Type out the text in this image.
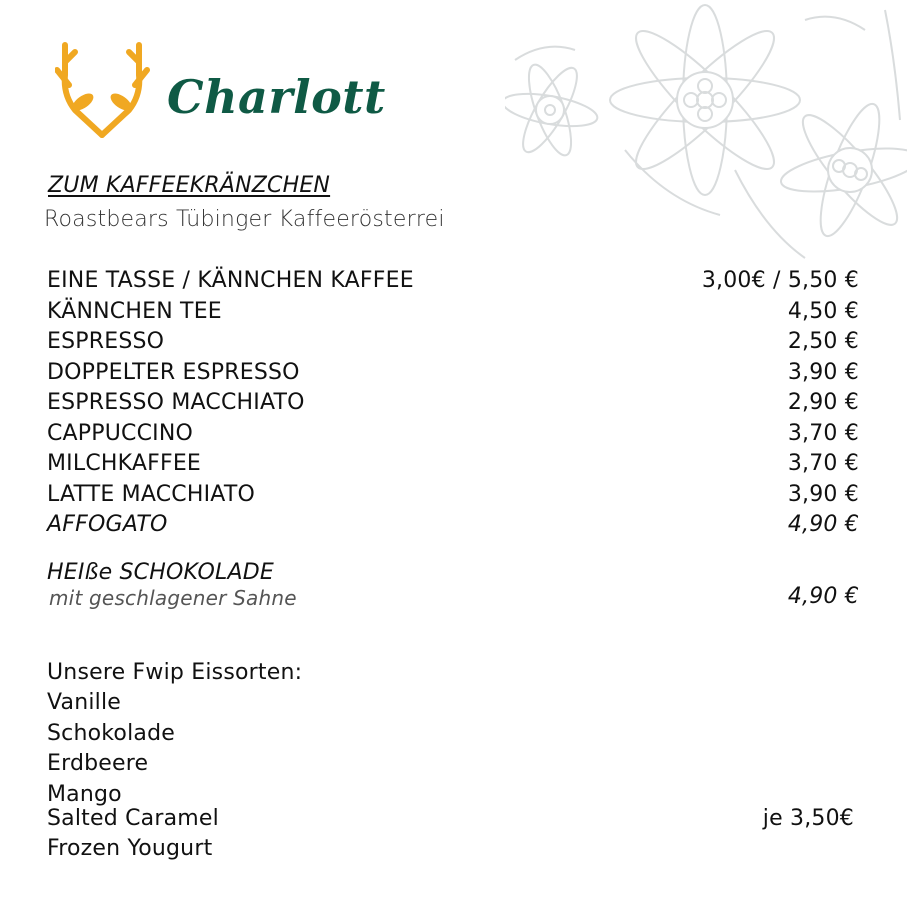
Charlott
ZUM KAFFEEKRÄNZCHEN
Roastbears Tübinger Kaffeerösterrei
EINE TASSE / KÄNNCHEN KAFFEE	3,00€ / 5,50 €
KÄNNCHEN TEE	4,50 €
ESPRESSO	2,50 €
DOPPELTER ESPRESSO	3,90 €
ESPRESSO MACCHIATO	2,90 €
CAPPUCCINO	3,70 €
MILCHKAFFEE	3,70 €
LATTE MACCHIATO	3,90 €
AFFOGATO	4,90 €
HEIße SCHOKOLADE
mit geschlagener Sahne	4,90 €
Unsere Fwip Eissorten:
Vanille
Schokolade
Erdbeere
Mango
Salted Caramel
Frozen Yougurt
je 3,50€
